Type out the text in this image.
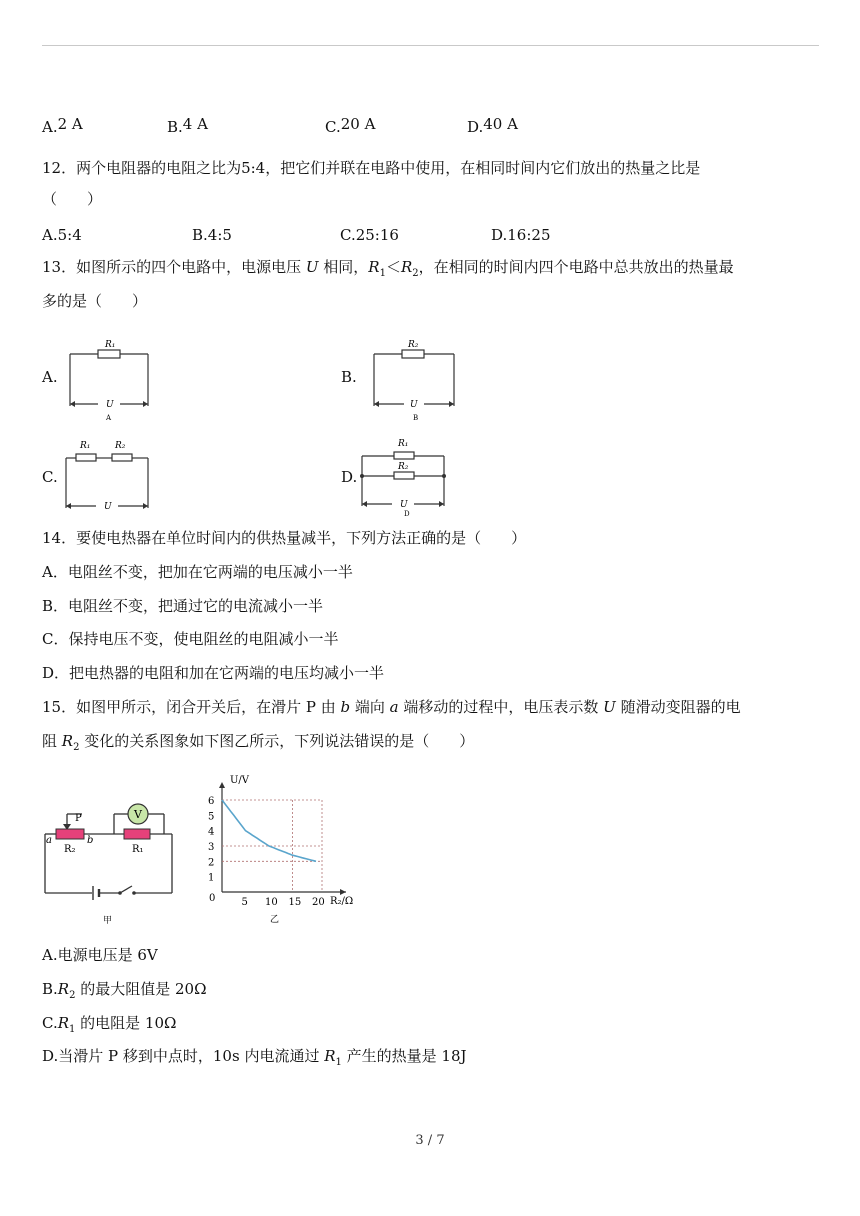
A.2 A	B.4 A	C.20 A	D.40 A
12．两个电阻器的电阻之比为5:4，把它们并联在电路中使用，在相同时间内它们放出的热量之比是
（　　）
A.5:4	B.4:5	C.25:16	D.16:25
13．如图所示的四个电路中，电源电压 U 相同，$R_1<R_2$，在相同的时间内四个电路中总共放出的热量最
多的是（　　）
A.	B.
C.	D.
R₁
U
A
R₂
U
B
R₁	R₂
U
R₁
R₂
U
D
14．要使电热器在单位时间内的供热量减半，下列方法正确的是（　　）
A．电阻丝不变，把加在它两端的电压减小一半
B．电阻丝不变，把通过它的电流减小一半
C．保持电压不变，使电阻丝的电阻减小一半
D．把电热器的电阻和加在它两端的电压均减小一半
15．如图甲所示，闭合开关后，在滑片 P 由 b 端向 a 端移动的过程中，电压表示数 U 随滑动变阻器的电
阻 $R_2$ 变化的关系图象如下图乙所示，下列说法错误的是（　　）
V
P
a	b
R₂	R₁
甲
1
2
3
4
5
6
5 10 15 20
U/V
R₂/Ω
0
乙
A.电源电压是 6V
$B.R_2$ 的最大阻值是 20Ω
$C.R_1$ 的电阻是 10Ω
D.当滑片 P 移到中点时，10s 内电流通过 $R_1$ 产生的热量是 18J
3 / 7
